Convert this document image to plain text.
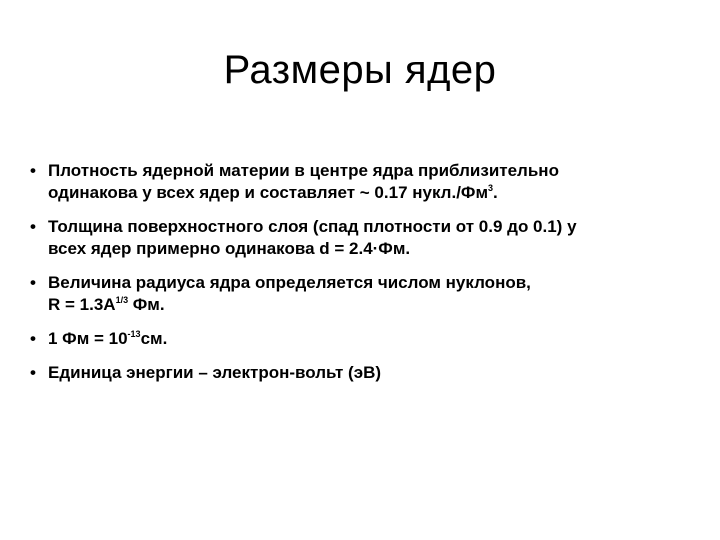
Размеры ядер
• Плотность ядерной материи в центре ядра приблизительно
одинакова у всех ядер и составляет ~ 0.17 $нукл./Фм^3$.
• Толщина поверхностного слоя (спад плотности от 0.9 до 0.1) у
всех ядер примерно одинакова d = 2.4·Фм.
• Величина радиуса ядра определяется числом нуклонов,
$R = 1.3A^{1/3}$ Фм.
• 1 Фм = $10^{-13}см$.
• Единица энергии – электрон-вольт (эВ)
